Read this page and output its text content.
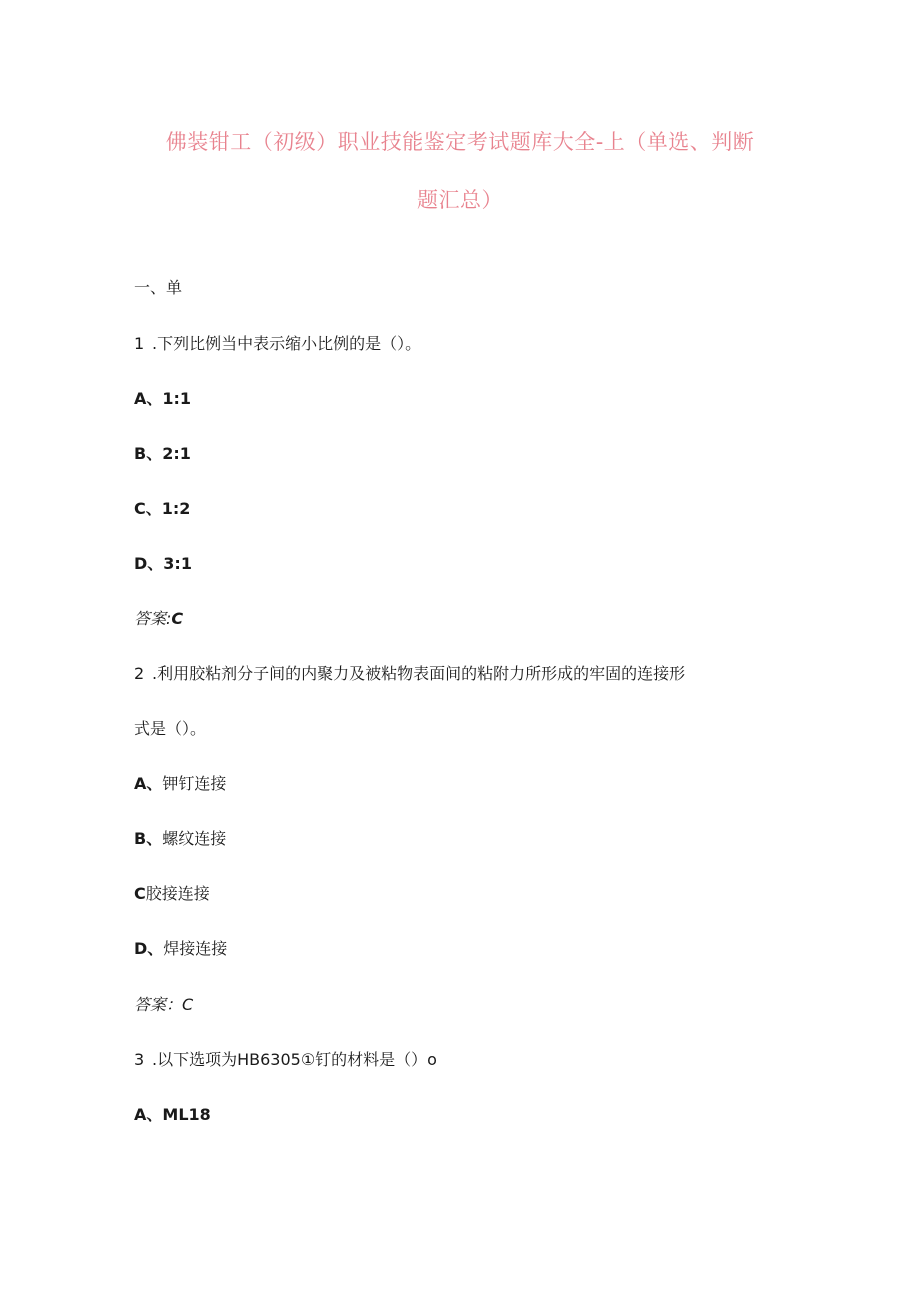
佛装钳工（初级）职业技能鉴定考试题库大全-上（单选、判断
题汇总）
一、单
1 .下列比例当中表示缩小比例的是（）。
A、1:1
B、2:1
C、1:2
D、3:1
答案:C
2 .利用胶粘剂分子间的内聚力及被粘物表面间的粘附力所形成的牢固的连接形
式是（）。
A、钾钉连接
B、螺纹连接
C胶接连接
D、焊接连接
答案：C
3 .以下选项为HB6305①钉的材料是（）o
A、ML18
